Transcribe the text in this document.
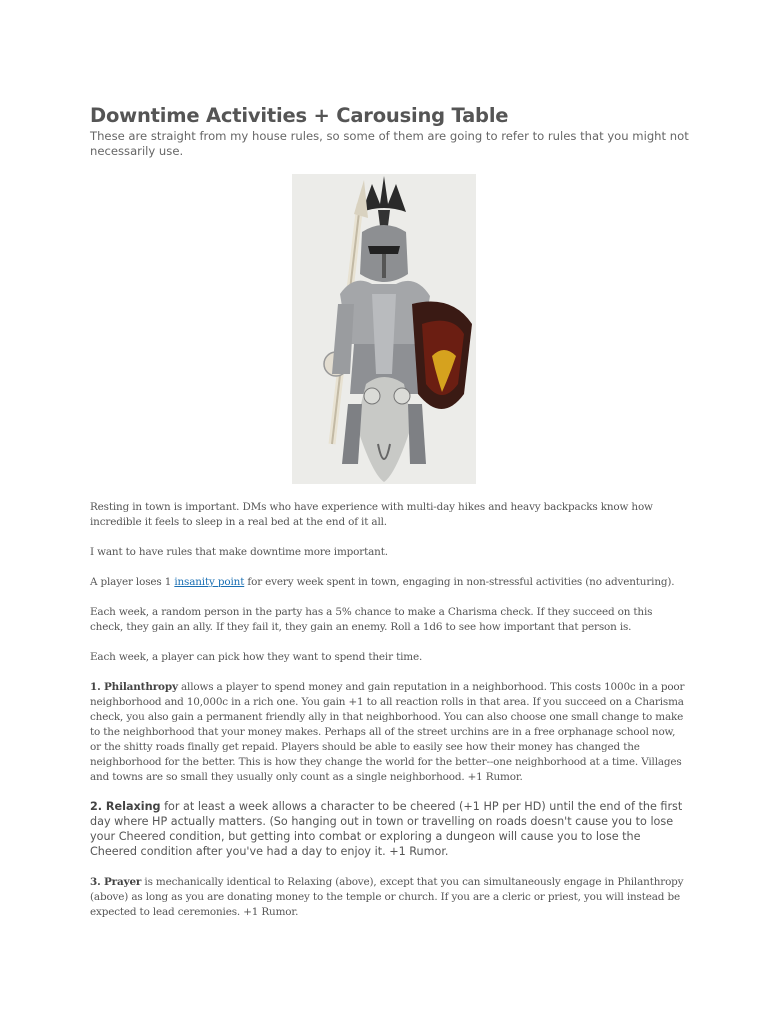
Downtime Activities + Carousing Table

These are straight from my house rules, so some of them are going to refer to rules that you might not necessarily use.

Resting in town is important. DMs who have experience with multi-day hikes and heavy backpacks know how incredible it feels to sleep in a real bed at the end of it all.

I want to have rules that make downtime more important.

A player loses 1 insanity point for every week spent in town, engaging in non-stressful activities (no adventuring).

Each week, a random person in the party has a 5% chance to make a Charisma check. If they succeed on this check, they gain an ally. If they fail it, they gain an enemy. Roll a 1d6 to see how important that person is.

Each week, a player can pick how they want to spend their time.

1. Philanthropy allows a player to spend money and gain reputation in a neighborhood. This costs 1000c in a poor neighborhood and 10,000c in a rich one. You gain +1 to all reaction rolls in that area. If you succeed on a Charisma check, you also gain a permanent friendly ally in that neighborhood. You can also choose one small change to make to the neighborhood that your money makes. Perhaps all of the street urchins are in a free orphanage school now, or the shitty roads finally get repaid. Players should be able to easily see how their money has changed the neighborhood for the better. This is how they change the world for the better--one neighborhood at a time. Villages and towns are so small they usually only count as a single neighborhood. +1 Rumor.

2. Relaxing for at least a week allows a character to be cheered (+1 HP per HD) until the end of the first day where HP actually matters. (So hanging out in town or travelling on roads doesn't cause you to lose your Cheered condition, but getting into combat or exploring a dungeon will cause you to lose the Cheered condition after you've had a day to enjoy it. +1 Rumor.

3. Prayer is mechanically identical to Relaxing (above), except that you can simultaneously engage in Philanthropy (above) as long as you are donating money to the temple or church. If you are a cleric or priest, you will instead be expected to lead ceremonies. +1 Rumor.
